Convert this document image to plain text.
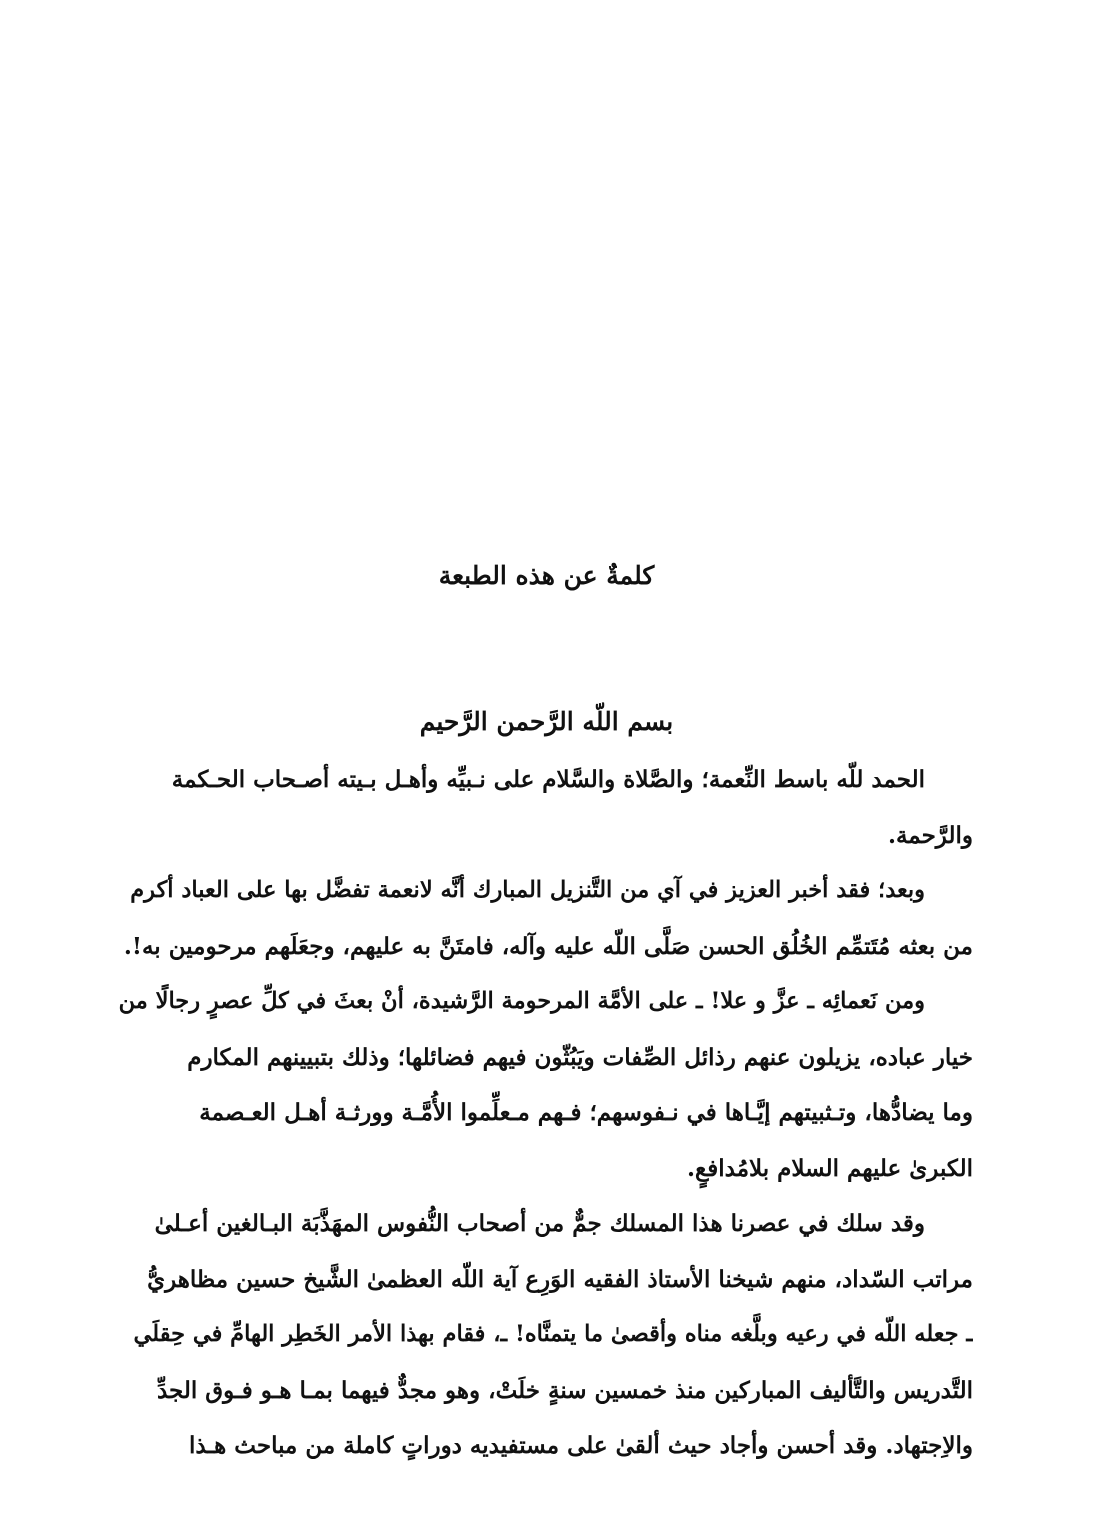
كلمةٌ عن هذه الطبعة
بسم اللّه الرَّحمن الرَّحيم

الحمد للّه باسط النِّعمة؛ والصَّلاة والسَّلام على نـبيِّه وأهـل بـيته أصـحاب الحـكمة
والرَّحمة.

وبعد؛ فقد أخبر العزيز في آي من التَّنزيل المبارك أنَّه لانعمة تفضَّل بها على العباد أكرم
من بعثه مُتَتمِّم الخُلُق الحسن صَلَّى اللّه عليه وآله، فامتَنَّ به عليهم، وجعَلَهم مرحومين به!.

ومن نَعمائِه ـ عزَّ و علا! ـ على الأمَّة المرحومة الرَّشيدة، أنْ بعثَ في كلِّ عصرٍ رجالًا من
خيار عباده، يزيلون عنهم رذائل الصِّفات ويَبُثّون فيهم فضائلها؛ وذلك بتبيينهم المكارم
وما يضادُّها، وتـثبيتهم إيَّـاها في نـفوسهم؛ فـهم مـعلِّموا الأُمَّـة وورثـة أهـل العـصمة
الكبرىٰ عليهم السلام بلامُدافعٍ.

وقد سلك في عصرنا هذا المسلك جمٌّ من أصحاب النُّفوس المهَذَّبَة البـالغين أعـلىٰ
مراتب السّداد، منهم شيخنا الأستاذ الفقيه الوَرِع آية اللّه العظمىٰ الشَّيخ حسين مظاهريُّ
ـ جعله اللّه في رعيه وبلَّغه مناه وأقصىٰ ما يتمنَّاه! ـ، فقام بهذا الأمر الخَطِر الهامِّ في حِقلَي
التَّدريس والتَّأليف المباركين منذ خمسين سنةٍ خلَتْ، وهو مجدٌّ فيهما بمـا هـو فـوق الجدِّ
والاِجتهاد. وقد أحسن وأجاد حيث ألقىٰ على مستفيديه دوراتٍ كاملة من مباحث هـذا
